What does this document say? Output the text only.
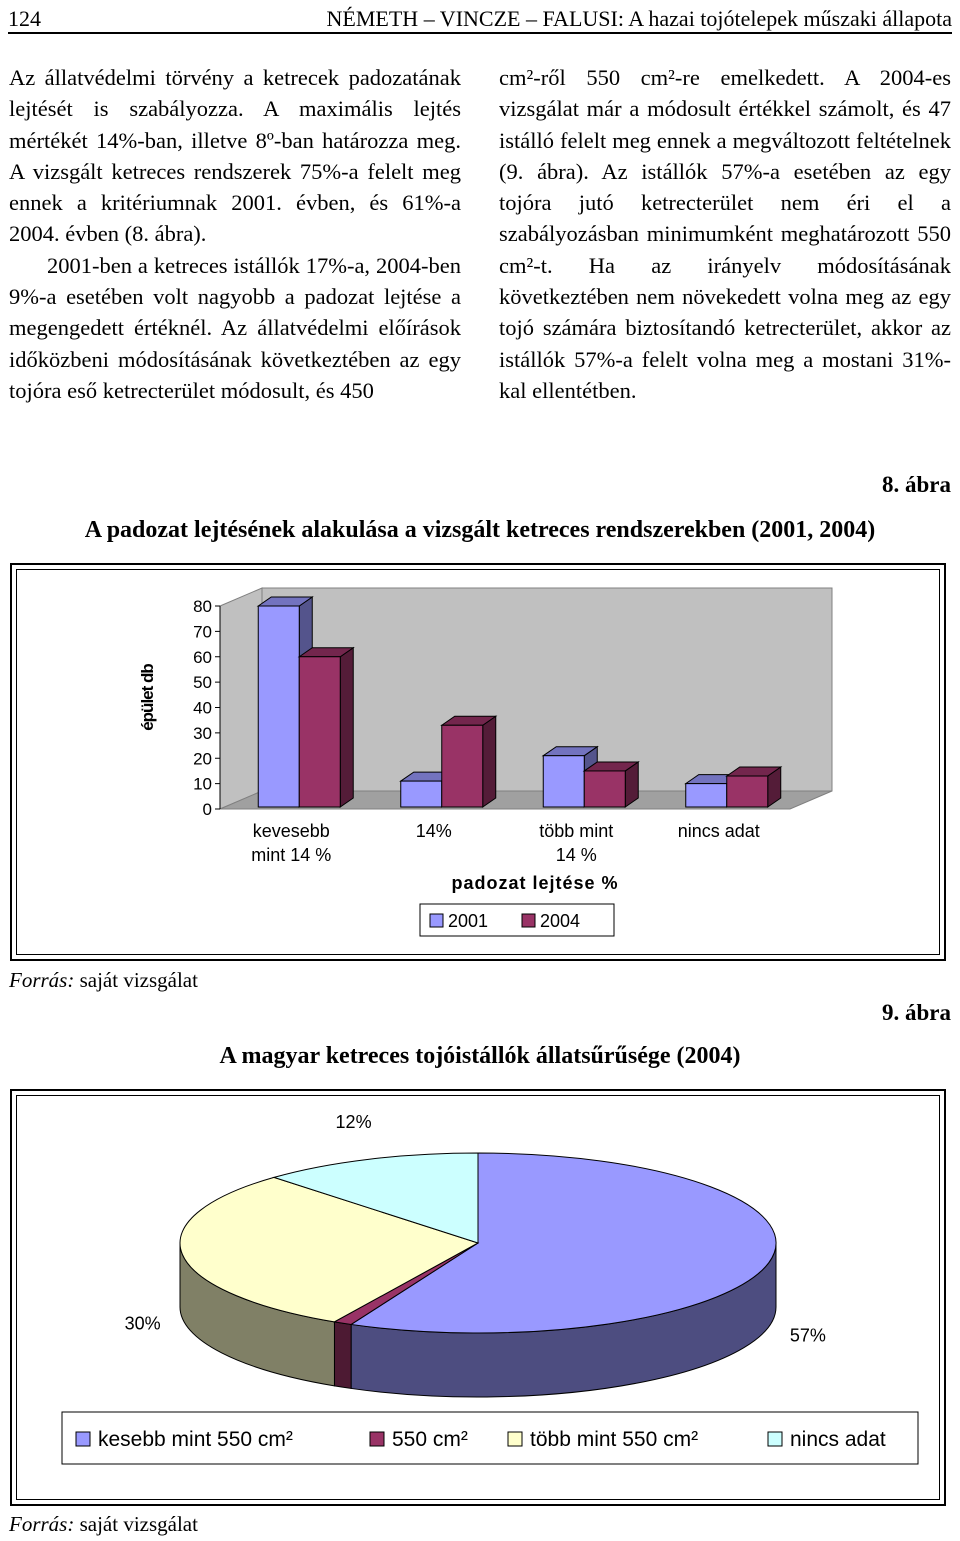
124	NÉMETH – VINCZE – FALUSI: A hazai tojótelepek műszaki állapota

Az állatvédelmi törvény a ketrecek padozatának lejtését is szabályozza. A maximális lejtés mértékét 14%-ban, illetve 8º-ban határozza meg. A vizsgált ketreces rendszerek 75%-a felelt meg ennek a kritériumnak 2001. évben, és 61%-a 2004. évben (8. ábra).

2001-ben a ketreces istállók 17%-a, 2004-ben 9%-a esetében volt nagyobb a padozat lejtése a megengedett értéknél. Az állatvédelmi előírások időközbeni módosításának következtében az egy tojóra eső ketrecterület módosult, és 450

cm²-ről 550 cm²-re emelkedett. A 2004-es vizsgálat már a módosult értékkel számolt, és 47 istálló felelt meg ennek a megváltozott feltételnek (9. ábra). Az istállók 57%-a esetében az egy tojóra jutó ketrecterület nem éri el a szabályozásban minimumként meghatározott 550 cm²-t. Ha az irányelv módosításának következtében nem növekedett volna meg az egy tojó számára biztosítandó ketrecterület, akkor az istállók 57%-a felelt volna meg a mostani 31%-kal ellentétben.

8. ábra
A padozat lejtésének alakulása a vizsgált ketreces rendszerekben (2001, 2004)
0
10
20
30
40
50
60
70
80
épület db
kevesebb
mint 14 %
14%	több mint
14 %
nincs adat
padozat lejtése %
2001	2004
Forrás: saját vizsgálat
9. ábra
A magyar ketreces tojóistállók állatsűrűsége (2004)
57%
30%
12%
kesebb mint 550 cm²	550 cm²	több mint 550 cm²	nincs adat
Forrás: saját vizsgálat
